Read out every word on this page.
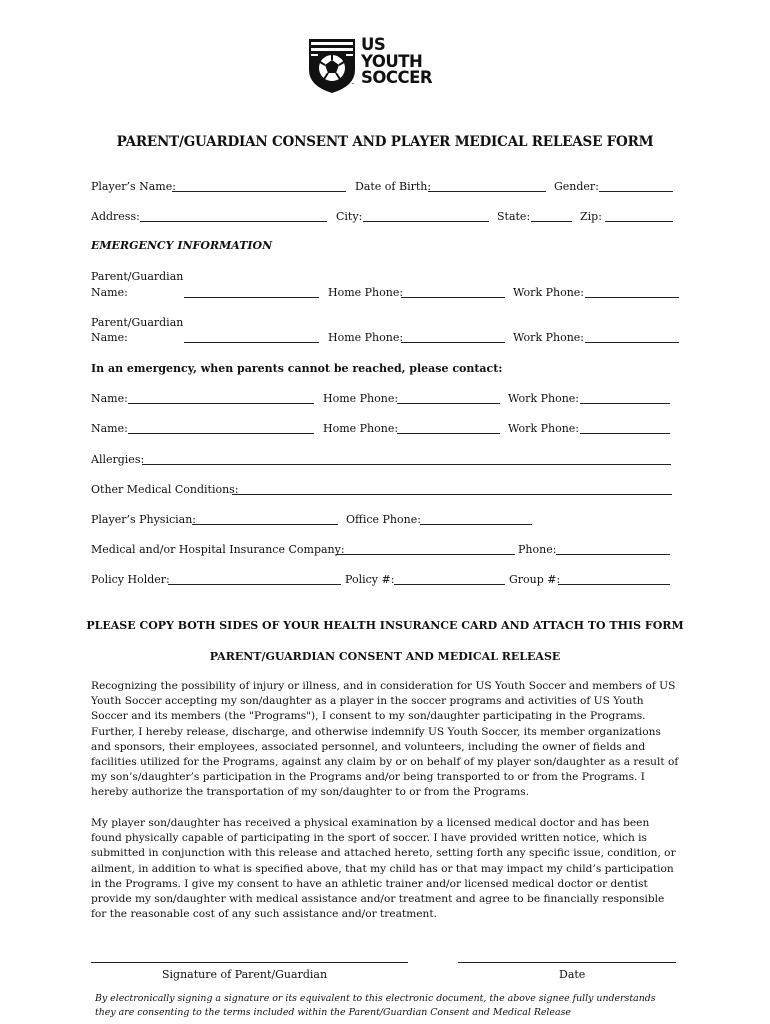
™
US
YOUTH
SOCCER
PARENT/GUARDIAN CONSENT AND PLAYER MEDICAL RELEASE FORM
Player’s Name:	Date of Birth:	Gender:
Address:	City:	State:	Zip:
EMERGENCY INFORMATION
Parent/Guardian
Name:	Home Phone:	Work Phone:
Parent/Guardian
Name:	Home Phone:	Work Phone:
In an emergency, when parents cannot be reached, please contact:
Name:	Home Phone:	Work Phone:
Name:	Home Phone:	Work Phone:
Allergies:
Other Medical Conditions:
Player’s Physician:	Office Phone:
Medical and/or Hospital Insurance Company:	Phone:
Policy Holder:	Policy #:	Group #:
PLEASE COPY BOTH SIDES OF YOUR HEALTH INSURANCE CARD AND ATTACH TO THIS FORM
PARENT/GUARDIAN CONSENT AND MEDICAL RELEASE
Recognizing the possibility of injury or illness, and in consideration for US Youth Soccer and members of US Youth Soccer accepting my son/daughter as a player in the soccer programs and activities of US Youth Soccer and its members (the "Programs"), I consent to my son/daughter participating in the Programs. Further, I hereby release, discharge, and otherwise indemnify US Youth Soccer, its member organizations and sponsors, their employees, associated personnel, and volunteers, including the owner of fields and facilities utilized for the Programs, against any claim by or on behalf of my player son/daughter as a result of my son’s/daughter’s participation in the Programs and/or being transported to or from the Programs. I hereby authorize the transportation of my son/daughter to or from the Programs.
My player son/daughter has received a physical examination by a licensed medical doctor and has been found physically capable of participating in the sport of soccer. I have provided written notice, which is submitted in conjunction with this release and attached hereto, setting forth any specific issue, condition, or ailment, in addition to what is specified above, that my child has or that may impact my child’s participation in the Programs. I give my consent to have an athletic trainer and/or licensed medical doctor or dentist provide my son/daughter with medical assistance and/or treatment and agree to be financially responsible for the reasonable cost of any such assistance and/or treatment.
Signature of Parent/Guardian	Date
By electronically signing a signature or its equivalent to this electronic document, the above signee fully understands they are consenting to the terms included within the Parent/Guardian Consent and Medical Release
